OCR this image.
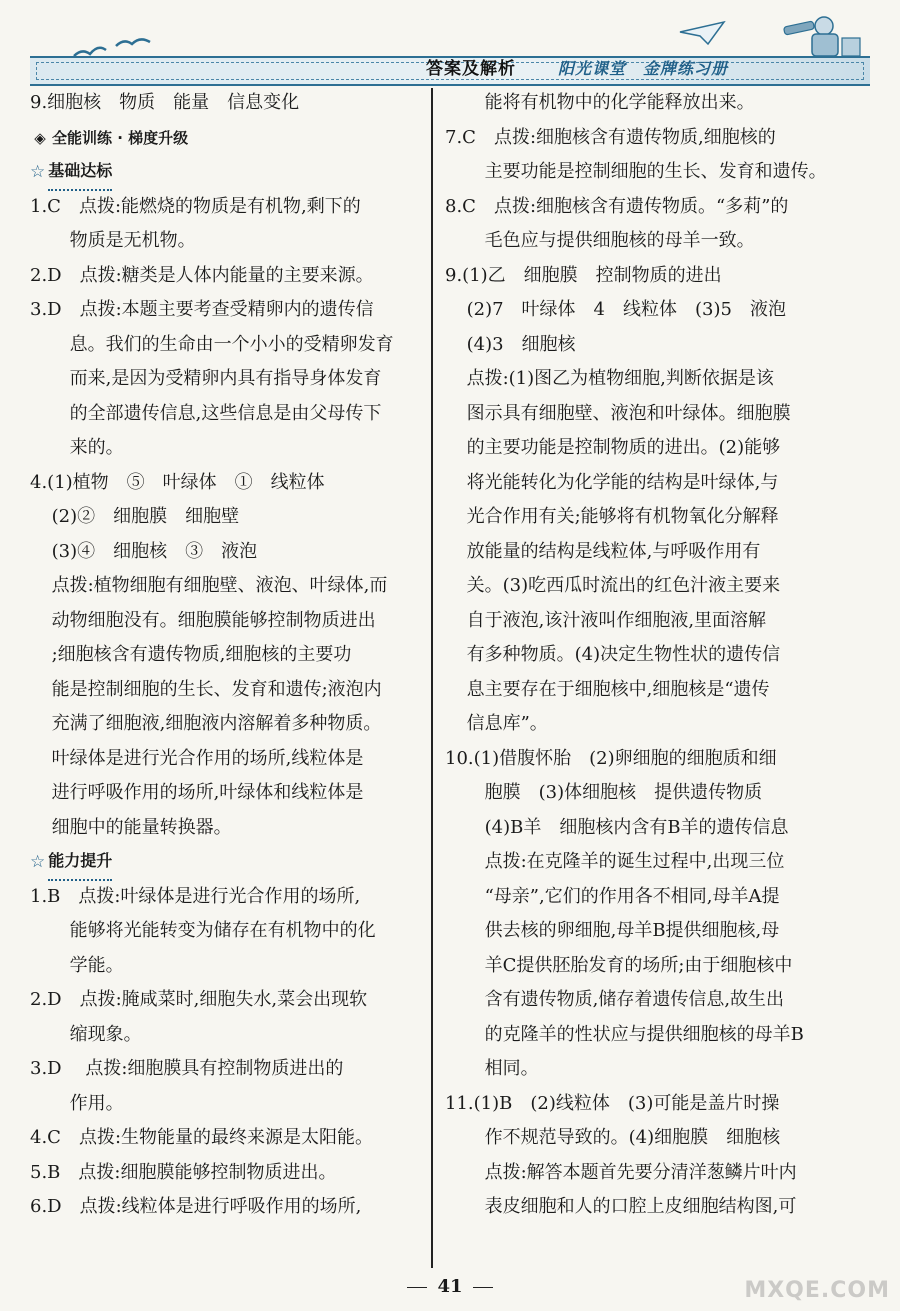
答案及解析	阳光课堂　金牌练习册
9.细胞核　物质　能量　信息变化
◈ 全能训练 · 梯度升级
☆ 基础达标
1.C　点拨:能燃烧的物质是有机物,剩下的
物质是无机物。
2.D　点拨:糖类是人体内能量的主要来源。
3.D　点拨:本题主要考查受精卵内的遗传信
息。我们的生命由一个小小的受精卵发育
而来,是因为受精卵内具有指导身体发育
的全部遗传信息,这些信息是由父母传下
来的。
4.(1)植物　⑤　叶绿体　①　线粒体
(2)②　细胞膜　细胞壁
(3)④　细胞核　③　液泡
点拨:植物细胞有细胞壁、液泡、叶绿体,而
动物细胞没有。细胞膜能够控制物质进出
;细胞核含有遗传物质,细胞核的主要功
能是控制细胞的生长、发育和遗传;液泡内
充满了细胞液,细胞液内溶解着多种物质。
叶绿体是进行光合作用的场所,线粒体是
进行呼吸作用的场所,叶绿体和线粒体是
细胞中的能量转换器。
☆ 能力提升
1.B　点拨:叶绿体是进行光合作用的场所,
能够将光能转变为储存在有机物中的化
学能。
2.D　点拨:腌咸菜时,细胞失水,菜会出现软
缩现象。
3.D　 点拨:细胞膜具有控制物质进出的
作用。
4.C　点拨:生物能量的最终来源是太阳能。
5.B　点拨:细胞膜能够控制物质进出。
6.D　点拨:线粒体是进行呼吸作用的场所,
能将有机物中的化学能释放出来。
7.C　点拨:细胞核含有遗传物质,细胞核的
主要功能是控制细胞的生长、发育和遗传。
8.C　点拨:细胞核含有遗传物质。“多莉”的
毛色应与提供细胞核的母羊一致。
9.(1)乙　细胞膜　控制物质的进出
(2)7　叶绿体　4　线粒体　(3)5　液泡
(4)3　细胞核
点拨:(1)图乙为植物细胞,判断依据是该
图示具有细胞壁、液泡和叶绿体。细胞膜
的主要功能是控制物质的进出。(2)能够
将光能转化为化学能的结构是叶绿体,与
光合作用有关;能够将有机物氧化分解释
放能量的结构是线粒体,与呼吸作用有
关。(3)吃西瓜时流出的红色汁液主要来
自于液泡,该汁液叫作细胞液,里面溶解
有多种物质。(4)决定生物性状的遗传信
息主要存在于细胞核中,细胞核是“遗传
信息库”。
10.(1)借腹怀胎　(2)卵细胞的细胞质和细
胞膜　(3)体细胞核　提供遗传物质
(4)B羊　细胞核内含有B羊的遗传信息
点拨:在克隆羊的诞生过程中,出现三位
“母亲”,它们的作用各不相同,母羊A提
供去核的卵细胞,母羊B提供细胞核,母
羊C提供胚胎发育的场所;由于细胞核中
含有遗传物质,储存着遗传信息,故生出
的克隆羊的性状应与提供细胞核的母羊B
相同。
11.(1)B　(2)线粒体　(3)可能是盖片时操
作不规范导致的。(4)细胞膜　细胞核
点拨:解答本题首先要分清洋葱鳞片叶内
表皮细胞和人的口腔上皮细胞结构图,可
41	MXQE.COM
